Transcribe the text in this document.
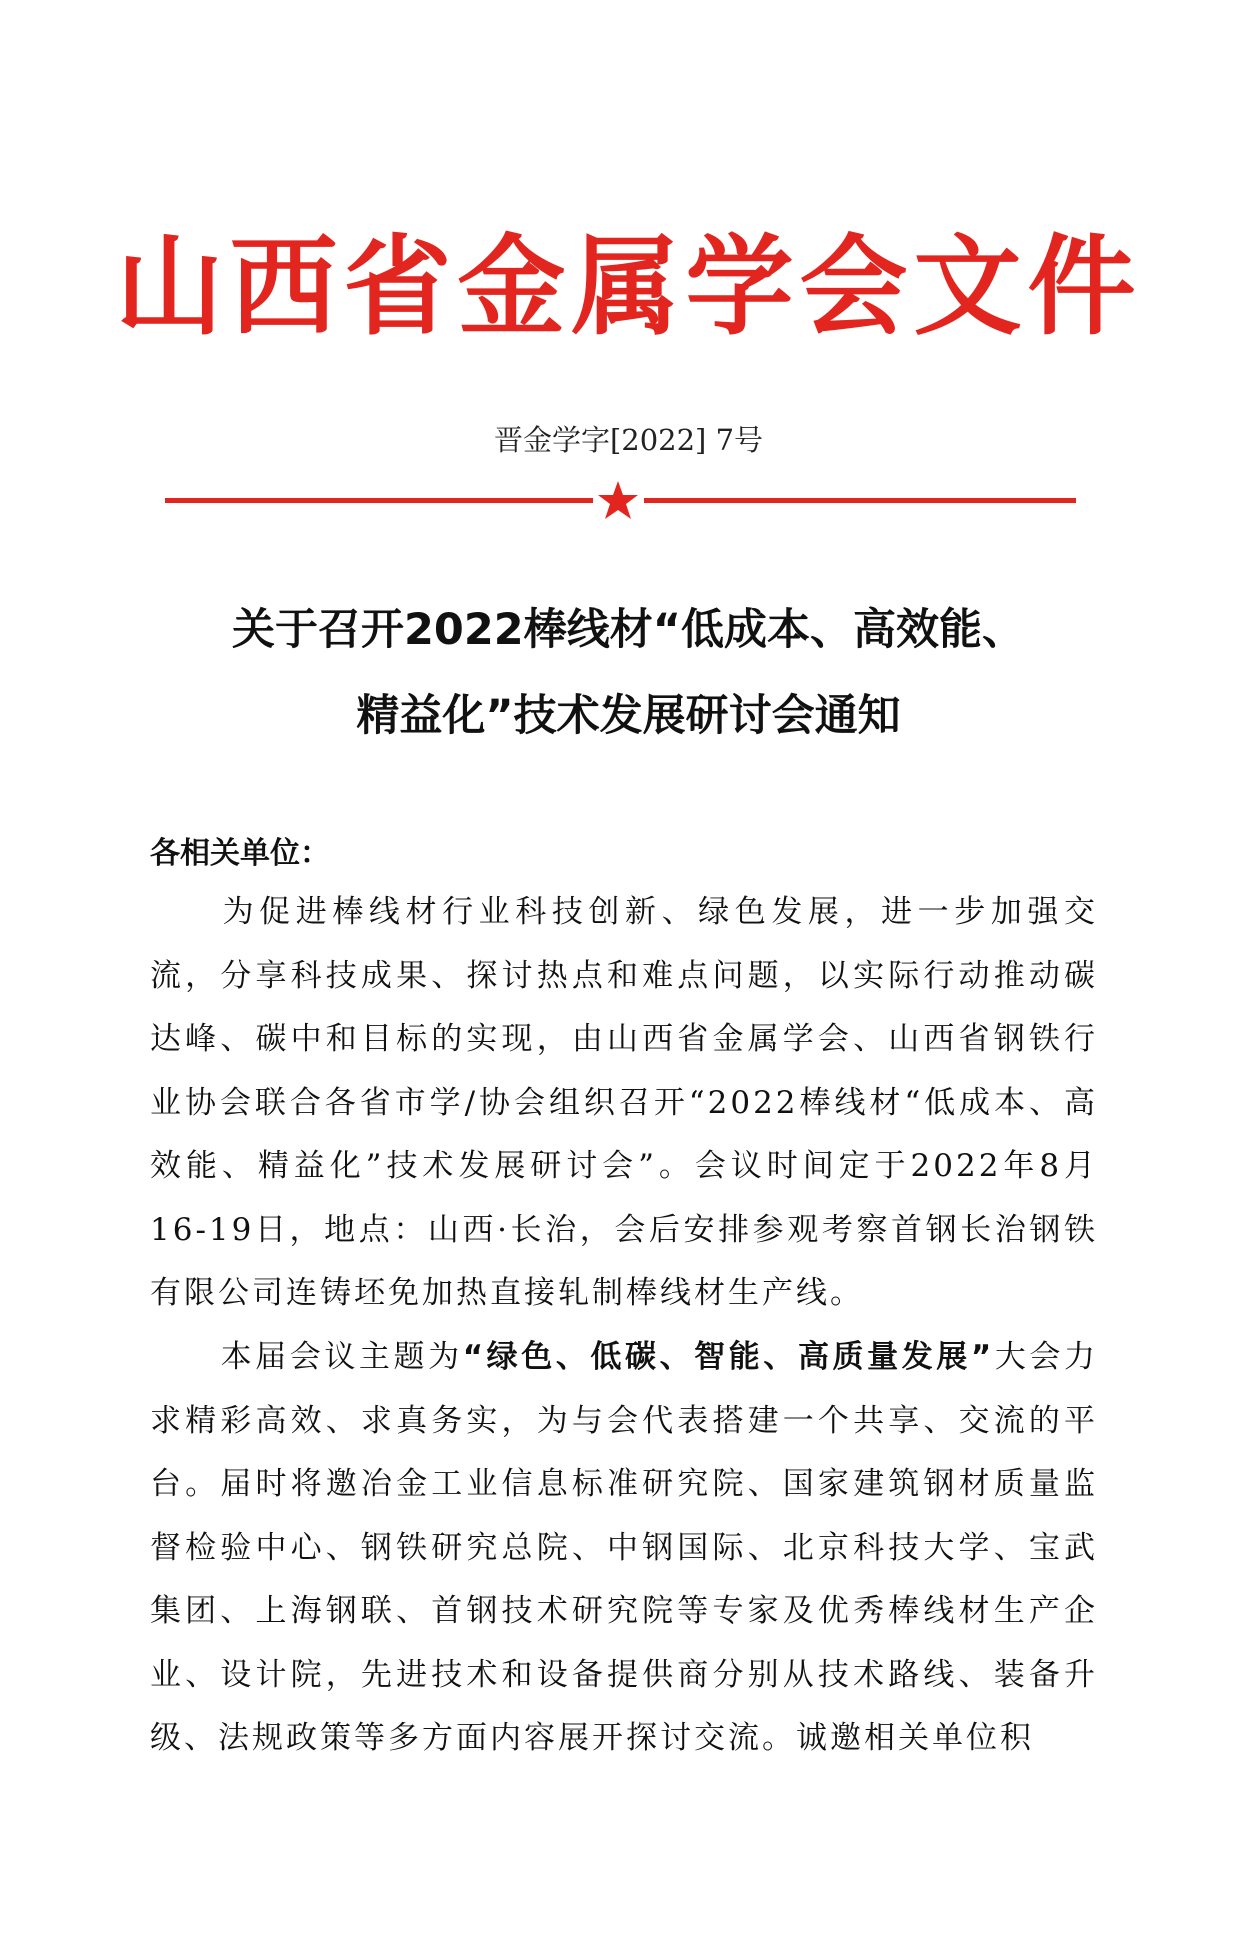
山西省金属学会文件
晋金学字[2022] 7号
关于召开2022棒线材“低成本、高效能、
精益化”技术发展研讨会通知
各相关单位：

为促进棒线材行业科技创新、绿色发展，进一步加强交流，分享科技成果、探讨热点和难点问题，以实际行动推动碳达峰、碳中和目标的实现，由山西省金属学会、山西省钢铁行业协会联合各省市学/协会组织召开“2022棒线材“低成本、高效能、精益化”技术发展研讨会”。会议时间定于2022年8月16-19日，地点：山西·长治，会后安排参观考察首钢长治钢铁有限公司连铸坯免加热直接轧制棒线材生产线。

本届会议主题为“绿色、低碳、智能、高质量发展”大会力求精彩高效、求真务实，为与会代表搭建一个共享、交流的平台。届时将邀冶金工业信息标准研究院、国家建筑钢材质量监督检验中心、钢铁研究总院、中钢国际、北京科技大学、宝武集团、上海钢联、首钢技术研究院等专家及优秀棒线材生产企业、设计院，先进技术和设备提供商分别从技术路线、装备升级、法规政策等多方面内容展开探讨交流。诚邀相关单位积
